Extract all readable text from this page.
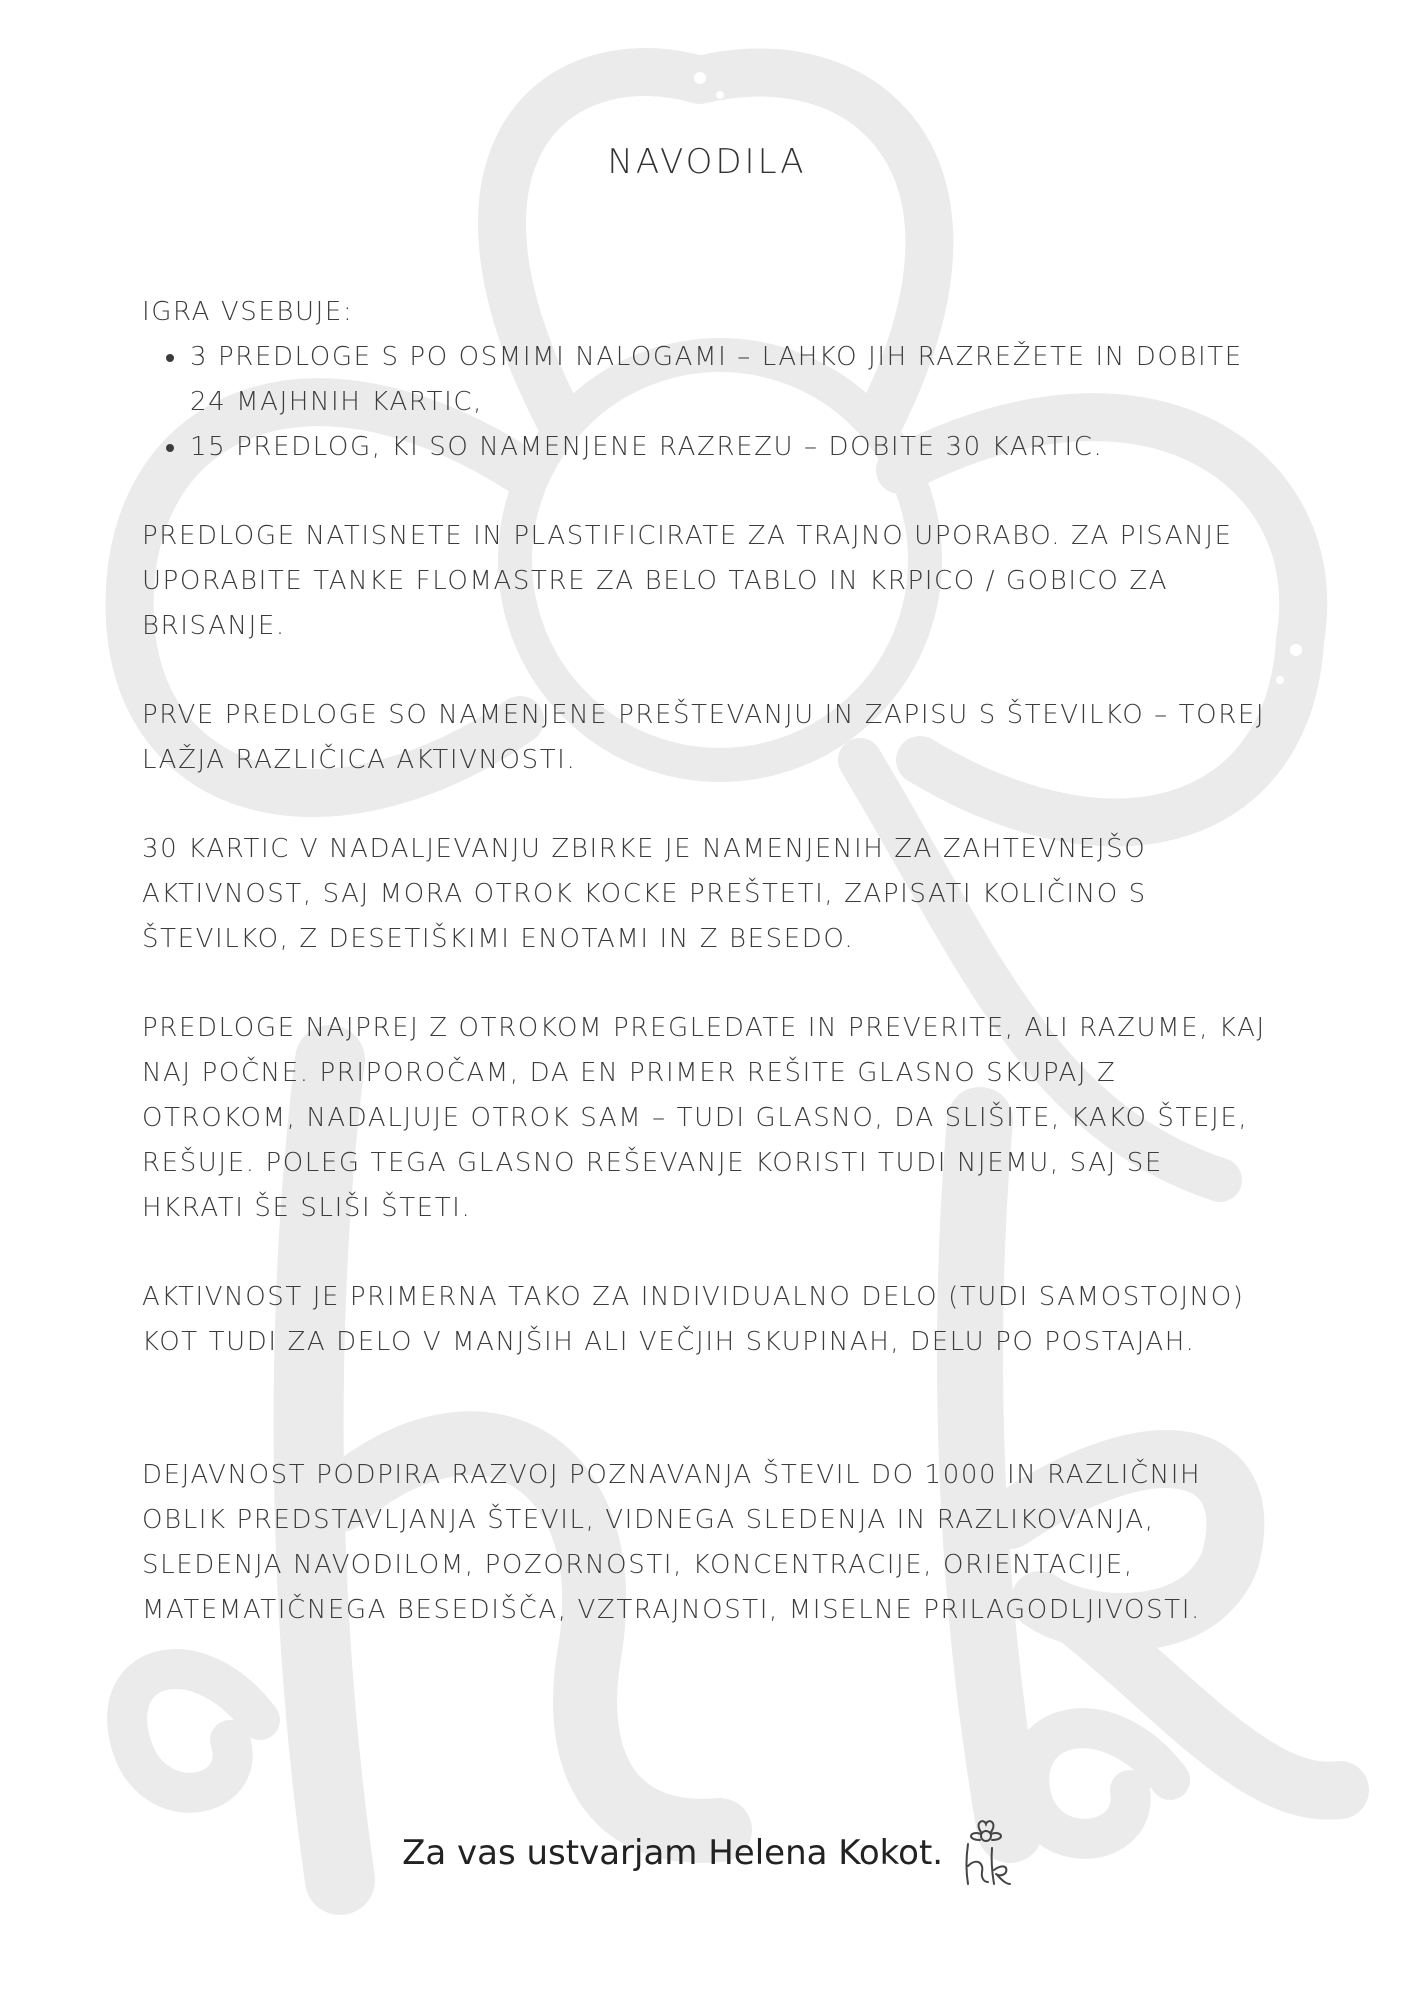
NAVODILA

IGRA VSEBUJE:

3 PREDLOGE S PO OSMIMI NALOGAMI – LAHKO JIH RAZREŽETE IN DOBITE 24 MAJHNIH KARTIC,
15 PREDLOG, KI SO NAMENJENE RAZREZU – DOBITE 30 KARTIC.

PREDLOGE NATISNETE IN PLASTIFICIRATE ZA TRAJNO UPORABO. ZA PISANJE UPORABITE TANKE FLOMASTRE ZA BELO TABLO IN KRPICO / GOBICO ZA BRISANJE.

PRVE PREDLOGE SO NAMENJENE PREŠTEVANJU IN ZAPISU S ŠTEVILKO – TOREJ LAŽJA RAZLIČICA AKTIVNOSTI.

30 KARTIC V NADALJEVANJU ZBIRKE JE NAMENJENIH ZA ZAHTEVNEJŠO AKTIVNOST, SAJ MORA OTROK KOCKE PREŠTETI, ZAPISATI KOLIČINO S ŠTEVILKO, Z DESETIŠKIMI ENOTAMI IN Z BESEDO.

PREDLOGE NAJPREJ Z OTROKOM PREGLEDATE IN PREVERITE, ALI RAZUME, KAJ NAJ POČNE. PRIPOROČAM, DA EN PRIMER REŠITE GLASNO SKUPAJ Z OTROKOM, NADALJUJE OTROK SAM – TUDI GLASNO, DA SLIŠITE, KAKO ŠTEJE, REŠUJE. POLEG TEGA GLASNO REŠEVANJE KORISTI TUDI NJEMU, SAJ SE HKRATI ŠE SLIŠI ŠTETI.

AKTIVNOST JE PRIMERNA TAKO ZA INDIVIDUALNO DELO (TUDI SAMOSTOJNO) KOT TUDI ZA DELO V MANJŠIH ALI VEČJIH SKUPINAH, DELU PO POSTAJAH.

DEJAVNOST PODPIRA RAZVOJ POZNAVANJA ŠTEVIL DO 1000 IN RAZLIČNIH OBLIK PREDSTAVLJANJA ŠTEVIL, VIDNEGA SLEDENJA IN RAZLIKOVANJA, SLEDENJA NAVODILOM, POZORNOSTI, KONCENTRACIJE, ORIENTACIJE, MATEMATIČNEGA BESEDIŠČA, VZTRAJNOSTI, MISELNE PRILAGODLJIVOSTI.

Za vas ustvarjam Helena Kokot.
